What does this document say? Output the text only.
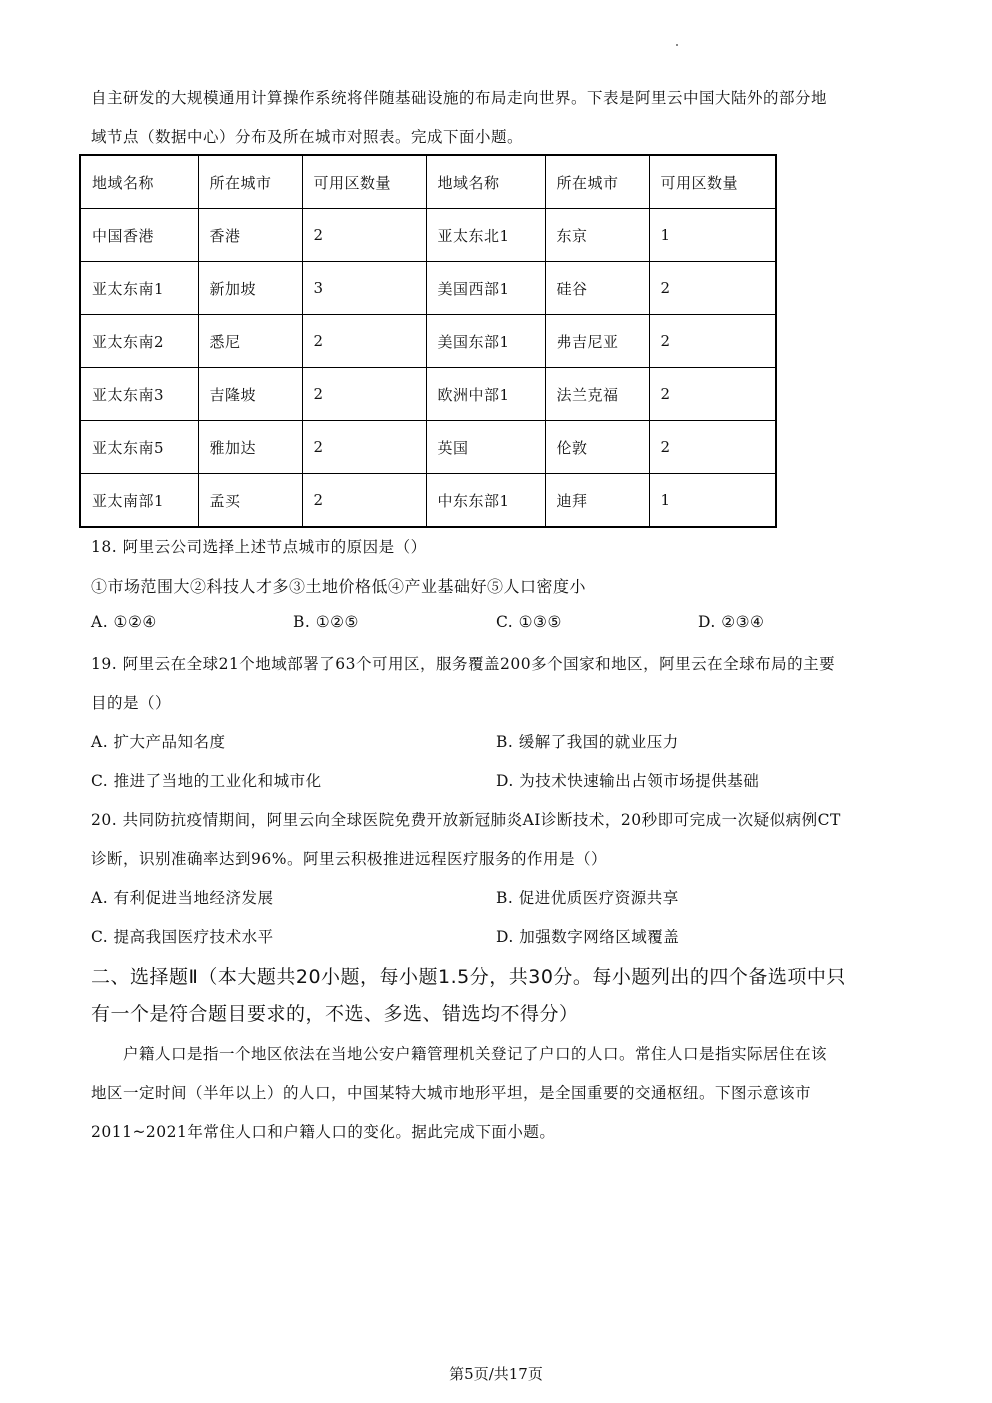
自主研发的大规模通用计算操作系统将伴随基础设施的布局走向世界。下表是阿里云中国大陆外的部分地
域节点（数据中心）分布及所在城市对照表。完成下面小题。
地域名称	所在城市	可用区数量	地域名称	所在城市	可用区数量
中国香港	香港	2	亚太东北1	东京	1
亚太东南1	新加坡	3	美国西部1	硅谷	2
亚太东南2	悉尼	2	美国东部1	弗吉尼亚	2
亚太东南3	吉隆坡	2	欧洲中部1	法兰克福	2
亚太东南5	雅加达	2	英国	伦敦	2
亚太南部1	孟买	2	中东东部1	迪拜	1
18. 阿里云公司选择上述节点城市的原因是（）
①市场范围大②科技人才多③土地价格低④产业基础好⑤人口密度小
A. ①②④	B. ①②⑤	C. ①③⑤	D. ②③④
19. 阿里云在全球21个地域部署了63个可用区，服务覆盖200多个国家和地区，阿里云在全球布局的主要
目的是（）
A. 扩大产品知名度	B. 缓解了我国的就业压力
C. 推进了当地的工业化和城市化	D. 为技术快速输出占领市场提供基础
20. 共同防抗疫情期间，阿里云向全球医院免费开放新冠肺炎AI诊断技术，20秒即可完成一次疑似病例CT
诊断，识别准确率达到96%。阿里云积极推进远程医疗服务的作用是（）
A. 有利促进当地经济发展	B. 促进优质医疗资源共享
C. 提高我国医疗技术水平	D. 加强数字网络区域覆盖
二、选择题Ⅱ（本大题共20小题，每小题1.5分，共30分。每小题列出的四个备选项中只
有一个是符合题目要求的，不选、多选、错选均不得分）
户籍人口是指一个地区依法在当地公安户籍管理机关登记了户口的人口。常住人口是指实际居住在该
地区一定时间（半年以上）的人口，中国某特大城市地形平坦，是全国重要的交通枢纽。下图示意该市
2011~2021年常住人口和户籍人口的变化。据此完成下面小题。
第5页/共17页
